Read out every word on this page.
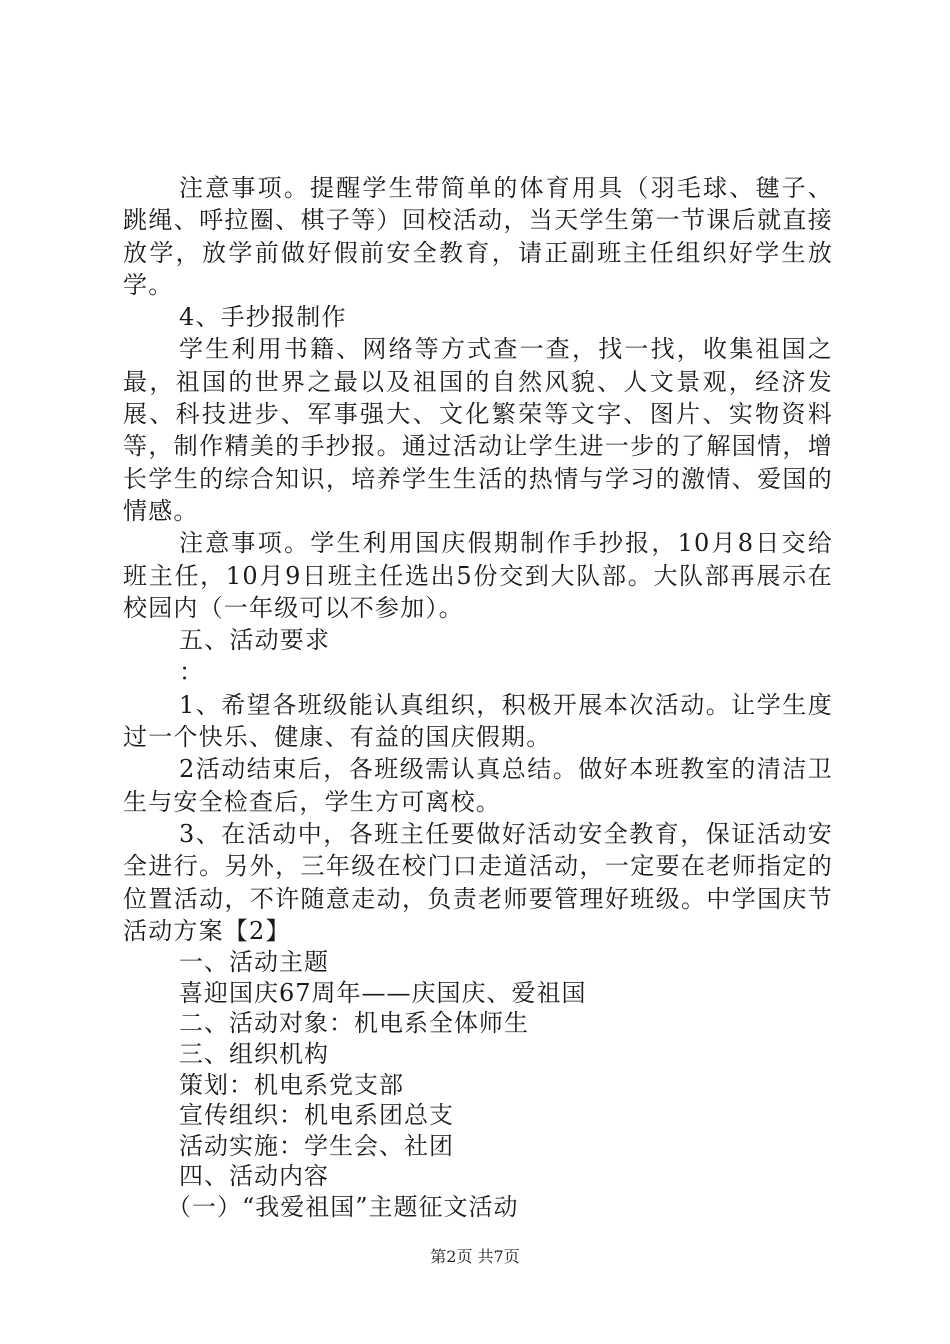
注意事项。提醒学生带简单的体育用具（羽毛球、毽子、跳绳、呼拉圈、棋子等）回校活动，当天学生第一节课后就直接放学，放学前做好假前安全教育，请正副班主任组织好学生放学。

4、手抄报制作

学生利用书籍、网络等方式查一查，找一找，收集祖国之最，祖国的世界之最以及祖国的自然风貌、人文景观，经济发展、科技进步、军事强大、文化繁荣等文字、图片、实物资料等，制作精美的手抄报。通过活动让学生进一步的了解国情，增长学生的综合知识，培养学生生活的热情与学习的激情、爱国的情感。

注意事项。学生利用国庆假期制作手抄报，10月8日交给班主任，10月9日班主任选出5份交到大队部。大队部再展示在校园内（一年级可以不参加）。

五、活动要求

：

1、希望各班级能认真组织，积极开展本次活动。让学生度过一个快乐、健康、有益的国庆假期。

2活动结束后，各班级需认真总结。做好本班教室的清洁卫生与安全检查后，学生方可离校。

3、在活动中，各班主任要做好活动安全教育，保证活动安全进行。另外，三年级在校门口走道活动，一定要在老师指定的位置活动，不许随意走动，负责老师要管理好班级。中学国庆节活动方案【2】

一、活动主题

喜迎国庆67周年——庆国庆、爱祖国

二、活动对象：机电系全体师生

三、组织机构

策划：机电系党支部

宣传组织：机电系团总支

活动实施：学生会、社团

四、活动内容

（一）“我爱祖国”主题征文活动

第2页 共7页
